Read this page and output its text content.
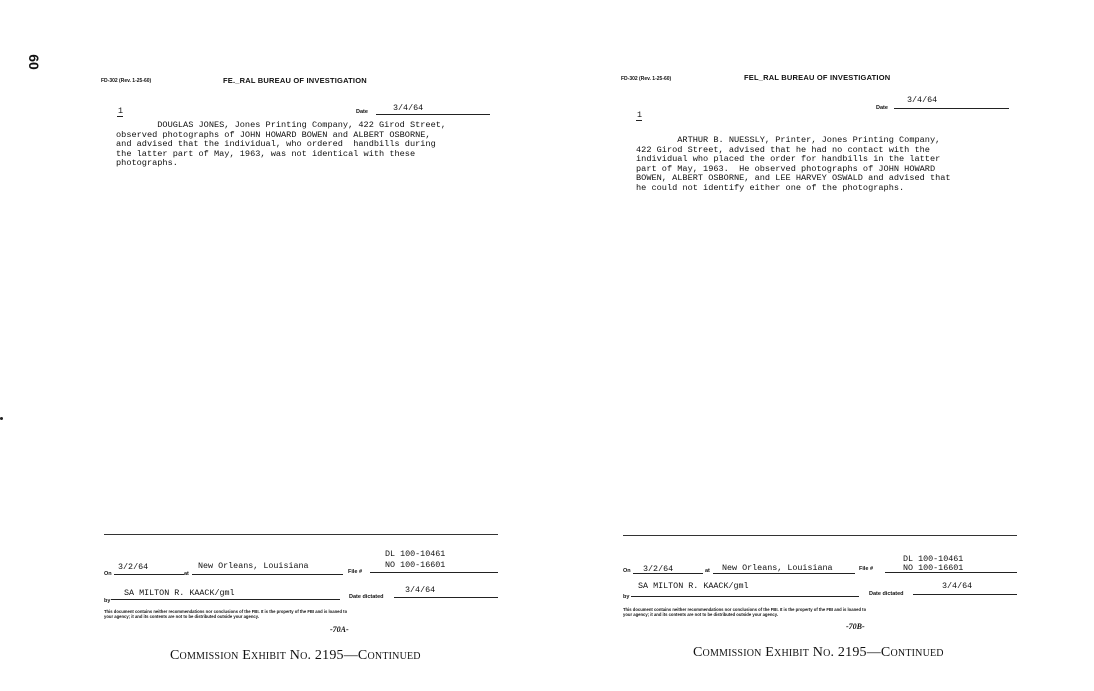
60
FD-302 (Rev. 1-25-60)	FE._RAL BUREAU OF INVESTIGATION
1	Date	3/4/64
DOUGLAS JONES, Jones Printing Company, 422 Girod Street,
observed photographs of JOHN HOWARD BOWEN and ALBERT OSBORNE,
and advised that the individual, who ordered  handbills during
the latter part of May, 1963, was not identical with these
photographs.
DL 100-10461
On
3/2/64
at
New Orleans, Louisiana
File #
NO 100-16601
by
SA MILTON R. KAACK/gml	Date dictated
3/4/64
This document contains neither recommendations nor conclusions of the FBI. It is the property of the FBI and is loaned to
your agency; it and its contents are not to be distributed outside your agency.
-70A-
Commission Exhibit No. 2195—Continued
FD-302 (Rev. 1-25-60)	FEL_RAL BUREAU OF INVESTIGATION
Date
3/4/64
1
ARTHUR B. NUESSLY, Printer, Jones Printing Company,
422 Girod Street, advised that he had no contact with the
individual who placed the order for handbills in the latter
part of May, 1963.  He observed photographs of JOHN HOWARD
BOWEN, ALBERT OSBORNE, and LEE HARVEY OSWALD and advised that
he could not identify either one of the photographs.
DL 100-10461
On 3/2/64	at New Orleans, Louisiana	File #	NO 100-16601
by
SA MILTON R. KAACK/gml
Date dictated
3/4/64
This document contains neither recommendations nor conclusions of the FBI. It is the property of the FBI and is loaned to
your agency; it and its contents are not to be distributed outside your agency.
-70B-
Commission Exhibit No. 2195—Continued
